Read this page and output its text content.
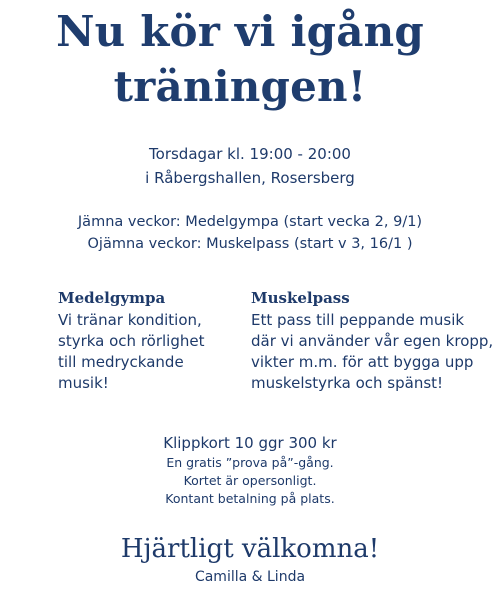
Nu kör vi igång
träningen!
Torsdagar kl. 19:00 - 20:00
i Råbergshallen, Rosersberg
Jämna veckor: Medelgympa (start vecka 2, 9/1)
Ojämna veckor: Muskelpass (start v 3, 16/1 )
Medelgympa
Vi tränar kondition,
styrka och rörlighet
till medryckande
musik!
Muskelpass
Ett pass till peppande musik
där vi använder vår egen kropp,
vikter m.m. för att bygga upp
muskelstyrka och spänst!
Klippkort 10 ggr 300 kr
En gratis ”prova på”-gång.
Kortet är opersonligt.
Kontant betalning på plats.
Hjärtligt välkomna!
Camilla & Linda
